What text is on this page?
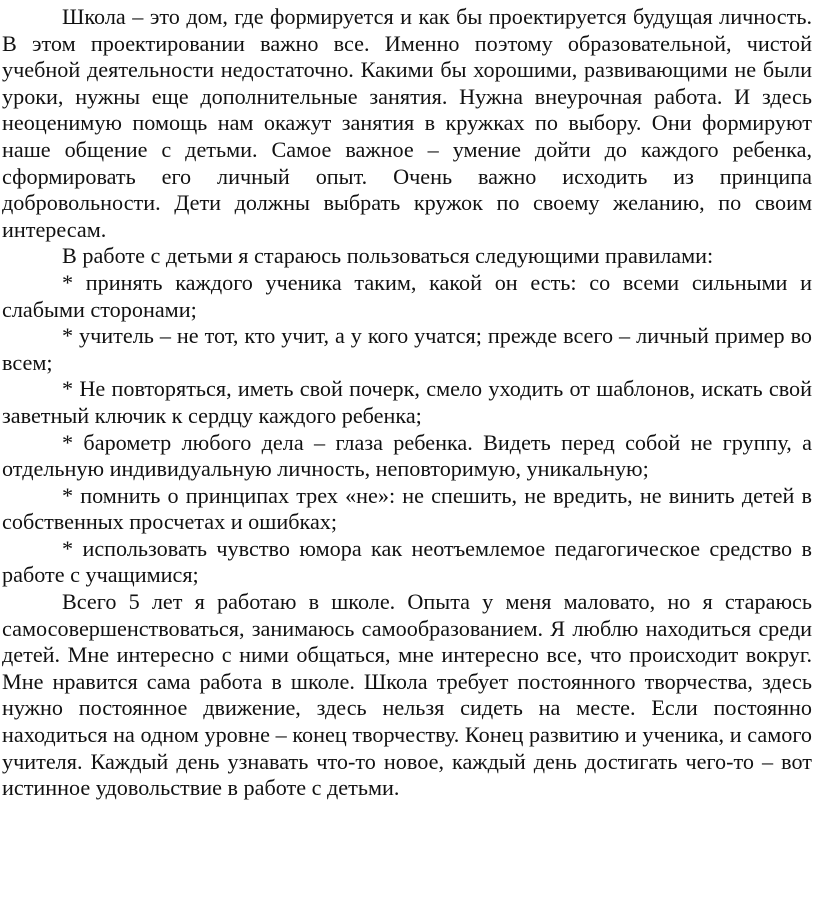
Школа – это дом, где формируется и как бы проектируется будущая личность. В этом проектировании важно все. Именно поэтому образовательной, чистой учебной деятельности недостаточно. Какими бы хорошими, развивающими не были уроки, нужны еще дополнительные занятия. Нужна внеурочная работа. И здесь неоценимую помощь нам окажут занятия в кружках по выбору. Они формируют наше общение с детьми. Самое важное – умение дойти до каждого ребенка, сформировать его личный опыт. Очень важно исходить из принципа добровольности. Дети должны выбрать кружок по своему желанию, по своим интересам.

В работе с детьми я стараюсь пользоваться следующими правилами:

* принять каждого ученика таким, какой он есть: со всеми сильными и слабыми сторонами;

* учитель – не тот, кто учит, а у кого учатся; прежде всего – личный пример во всем;

* Не повторяться, иметь свой почерк, смело уходить от шаблонов, искать свой заветный ключик к сердцу каждого ребенка;

* барометр любого дела – глаза ребенка. Видеть перед собой не группу, а отдельную индивидуальную личность, неповторимую, уникальную;

* помнить о принципах трех «не»: не спешить, не вредить, не винить детей в собственных просчетах и ошибках;

* использовать чувство юмора как неотъемлемое педагогическое средство в работе с учащимися;

Всего 5 лет я работаю в школе. Опыта у меня маловато, но я стараюсь самосовершенствоваться, занимаюсь самообразованием. Я люблю находиться среди детей. Мне интересно с ними общаться, мне интересно все, что происходит вокруг. Мне нравится сама работа в школе. Школа требует постоянного творчества, здесь нужно постоянное движение, здесь нельзя сидеть на месте. Если постоянно находиться на одном уровне – конец творчеству. Конец развитию и ученика, и самого учителя. Каждый день узнавать что-то новое, каждый день достигать чего-то – вот истинное удовольствие в работе с детьми.
